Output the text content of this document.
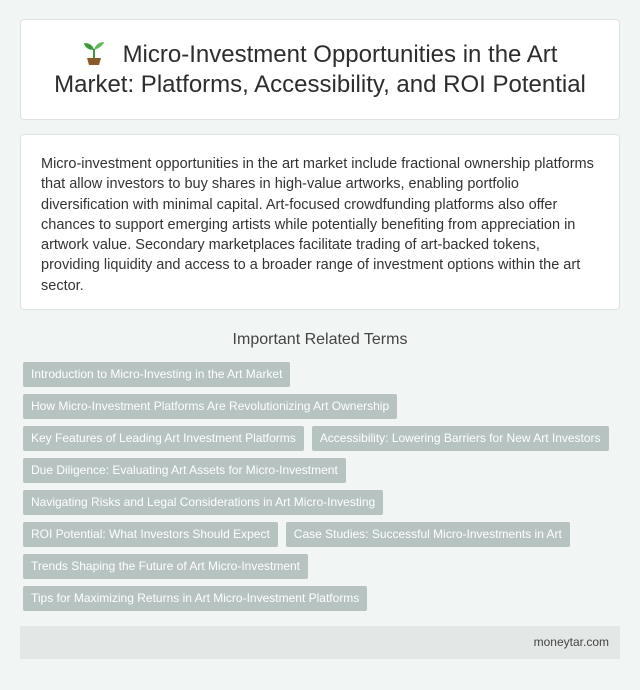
Micro-Investment Opportunities in the Art Market: Platforms, Accessibility, and ROI Potential

Micro-investment opportunities in the art market include fractional ownership platforms that allow investors to buy shares in high-value artworks, enabling portfolio diversification with minimal capital. Art-focused crowdfunding platforms also offer chances to support emerging artists while potentially benefiting from appreciation in artwork value. Secondary marketplaces facilitate trading of art-backed tokens, providing liquidity and access to a broader range of investment options within the art sector.

Important Related Terms
Introduction to Micro-Investing in the Art Market
How Micro-Investment Platforms Are Revolutionizing Art Ownership
Key Features of Leading Art Investment Platforms	Accessibility: Lowering Barriers for New Art Investors
Due Diligence: Evaluating Art Assets for Micro-Investment
Navigating Risks and Legal Considerations in Art Micro-Investing
ROI Potential: What Investors Should Expect	Case Studies: Successful Micro-Investments in Art
Trends Shaping the Future of Art Micro-Investment
Tips for Maximizing Returns in Art Micro-Investment Platforms
moneytar.com
